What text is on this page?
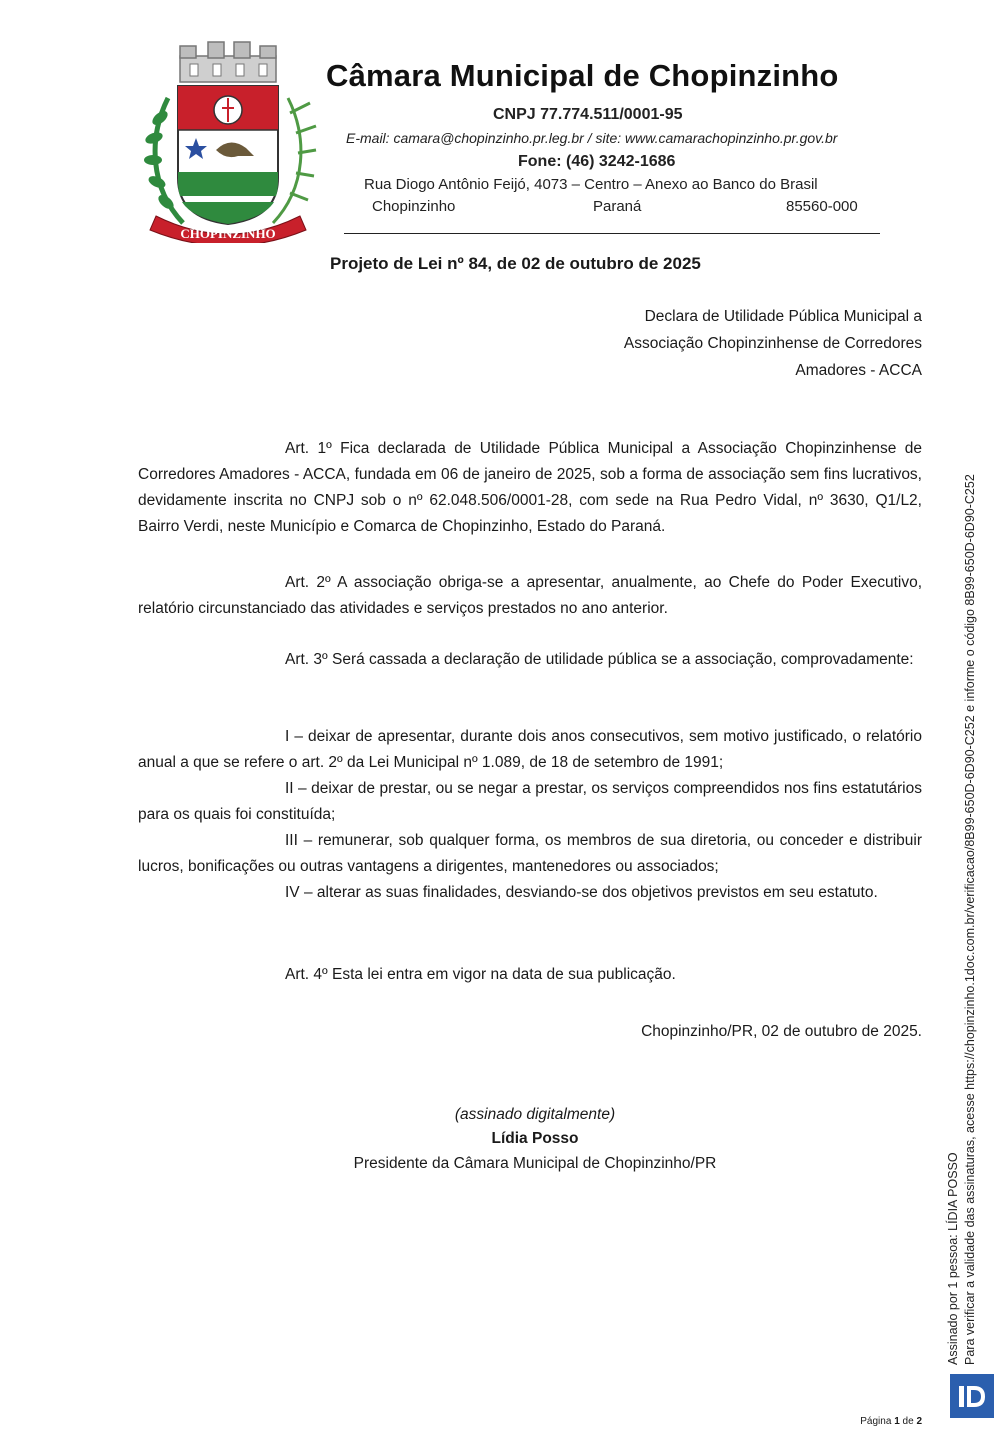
CHOPINZINHO
Câmara Municipal de Chopinzinho
CNPJ 77.774.511/0001-95
E-mail: camara@chopinzinho.pr.leg.br / site: www.camarachopinzinho.pr.gov.br
Fone: (46) 3242-1686
Rua Diogo Antônio Feijó, 4073 – Centro – Anexo ao Banco do Brasil
Chopinzinho	Paraná	85560-000
Projeto de Lei nº 84, de 02 de outubro de 2025
Declara de Utilidade Pública Municipal a
Associação Chopinzinhense de Corredores
Amadores - ACCA

Art. 1º Fica declarada de Utilidade Pública Municipal a Associação Chopinzinhense de Corredores Amadores - ACCA, fundada em 06 de janeiro de 2025, sob a forma de associação sem fins lucrativos, devidamente inscrita no CNPJ sob o nº 62.048.506/0001-28, com sede na Rua Pedro Vidal, nº 3630, Q1/L2, Bairro Verdi, neste Município e Comarca de Chopinzinho, Estado do Paraná.

Art. 2º A associação obriga-se a apresentar, anualmente, ao Chefe do Poder Executivo, relatório circunstanciado das atividades e serviços prestados no ano anterior.

Art. 3º Será cassada a declaração de utilidade pública se a associação, comprovadamente:

I – deixar de apresentar, durante dois anos consecutivos, sem motivo justificado, o relatório anual a que se refere o art. 2º da Lei Municipal nº 1.089, de 18 de setembro de 1991;

II – deixar de prestar, ou se negar a prestar, os serviços compreendidos nos fins estatutários para os quais foi constituída;

III – remunerar, sob qualquer forma, os membros de sua diretoria, ou conceder e distribuir lucros, bonificações ou outras vantagens a dirigentes, mantenedores ou associados;

IV – alterar as suas finalidades, desviando-se dos objetivos previstos em seu estatuto.

Art. 4º Esta lei entra em vigor na data de sua publicação.

Chopinzinho/PR, 02 de outubro de 2025.
(assinado digitalmente)
Lídia Posso
Presidente da Câmara Municipal de Chopinzinho/PR	Assinado por 1 pessoa: LÍDIA POSSO Para verificar a validade das assinaturas, acesse https://chopinzinho.1doc.com.br/verificacao/8B99-650D-6D90-C252 e informe o código 8B99-650D-6D90-C252
Página 1 de 2
